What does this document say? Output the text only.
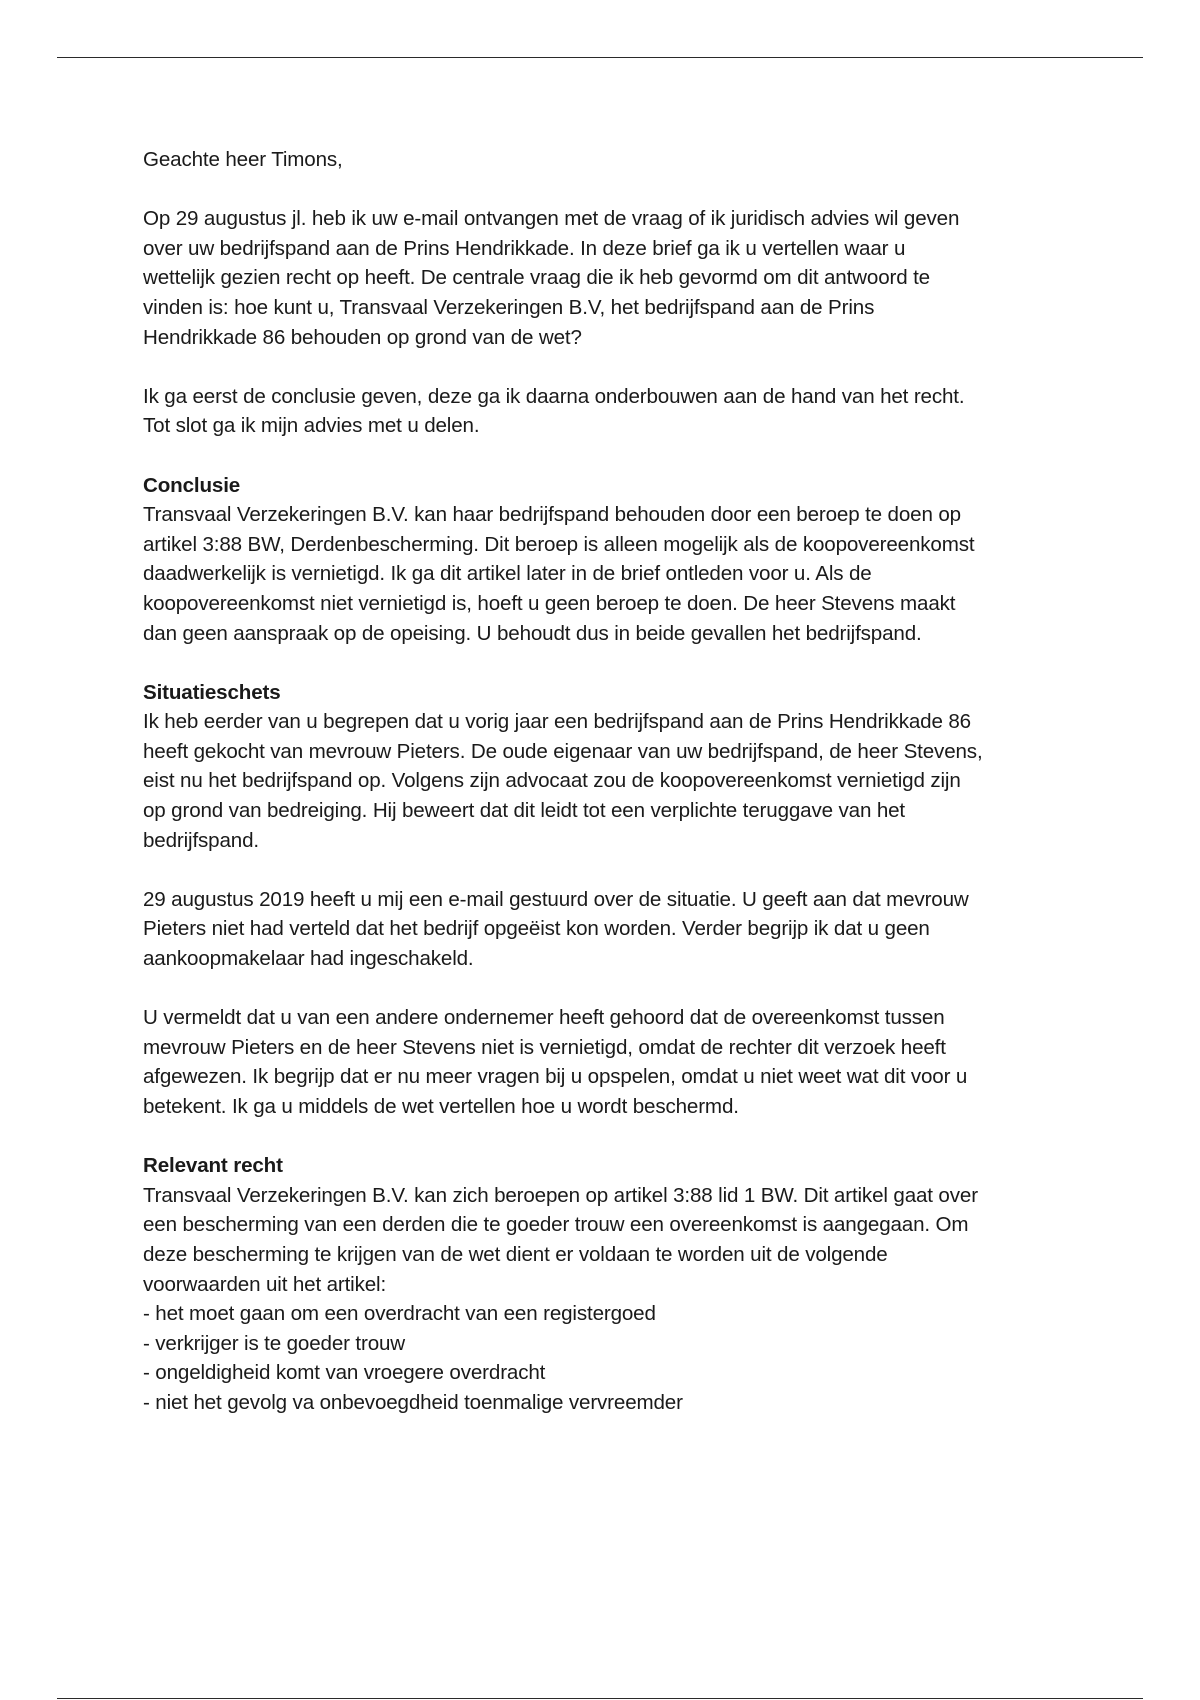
Geachte heer Timons,

Op 29 augustus jl. heb ik uw e-mail ontvangen met de vraag of ik juridisch advies wil geven
over uw bedrijfspand aan de Prins Hendrikkade. In deze brief ga ik u vertellen waar u
wettelijk gezien recht op heeft. De centrale vraag die ik heb gevormd om dit antwoord te
vinden is: hoe kunt u, Transvaal Verzekeringen B.V, het bedrijfspand aan de Prins
Hendrikkade 86 behouden op grond van de wet?

Ik ga eerst de conclusie geven, deze ga ik daarna onderbouwen aan de hand van het recht.
Tot slot ga ik mijn advies met u delen.

Conclusie

Transvaal Verzekeringen B.V. kan haar bedrijfspand behouden door een beroep te doen op
artikel 3:88 BW, Derdenbescherming. Dit beroep is alleen mogelijk als de koopovereenkomst
daadwerkelijk is vernietigd. Ik ga dit artikel later in de brief ontleden voor u. Als de
koopovereenkomst niet vernietigd is, hoeft u geen beroep te doen. De heer Stevens maakt
dan geen aanspraak op de opeising. U behoudt dus in beide gevallen het bedrijfspand.

Situatieschets

Ik heb eerder van u begrepen dat u vorig jaar een bedrijfspand aan de Prins Hendrikkade 86
heeft gekocht van mevrouw Pieters. De oude eigenaar van uw bedrijfspand, de heer Stevens,
eist nu het bedrijfspand op. Volgens zijn advocaat zou de koopovereenkomst vernietigd zijn
op grond van bedreiging. Hij beweert dat dit leidt tot een verplichte teruggave van het
bedrijfspand.

29 augustus 2019 heeft u mij een e-mail gestuurd over de situatie. U geeft aan dat mevrouw
Pieters niet had verteld dat het bedrijf opgeëist kon worden. Verder begrijp ik dat u geen
aankoopmakelaar had ingeschakeld.

U vermeldt dat u van een andere ondernemer heeft gehoord dat de overeenkomst tussen
mevrouw Pieters en de heer Stevens niet is vernietigd, omdat de rechter dit verzoek heeft
afgewezen. Ik begrijp dat er nu meer vragen bij u opspelen, omdat u niet weet wat dit voor u
betekent. Ik ga u middels de wet vertellen hoe u wordt beschermd.

Relevant recht

Transvaal Verzekeringen B.V. kan zich beroepen op artikel 3:88 lid 1 BW. Dit artikel gaat over
een bescherming van een derden die te goeder trouw een overeenkomst is aangegaan. Om
deze bescherming te krijgen van de wet dient er voldaan te worden uit de volgende
voorwaarden uit het artikel:

- het moet gaan om een overdracht van een registergoed
- verkrijger is te goeder trouw
- ongeldigheid komt van vroegere overdracht
- niet het gevolg va onbevoegdheid toenmalige vervreemder
